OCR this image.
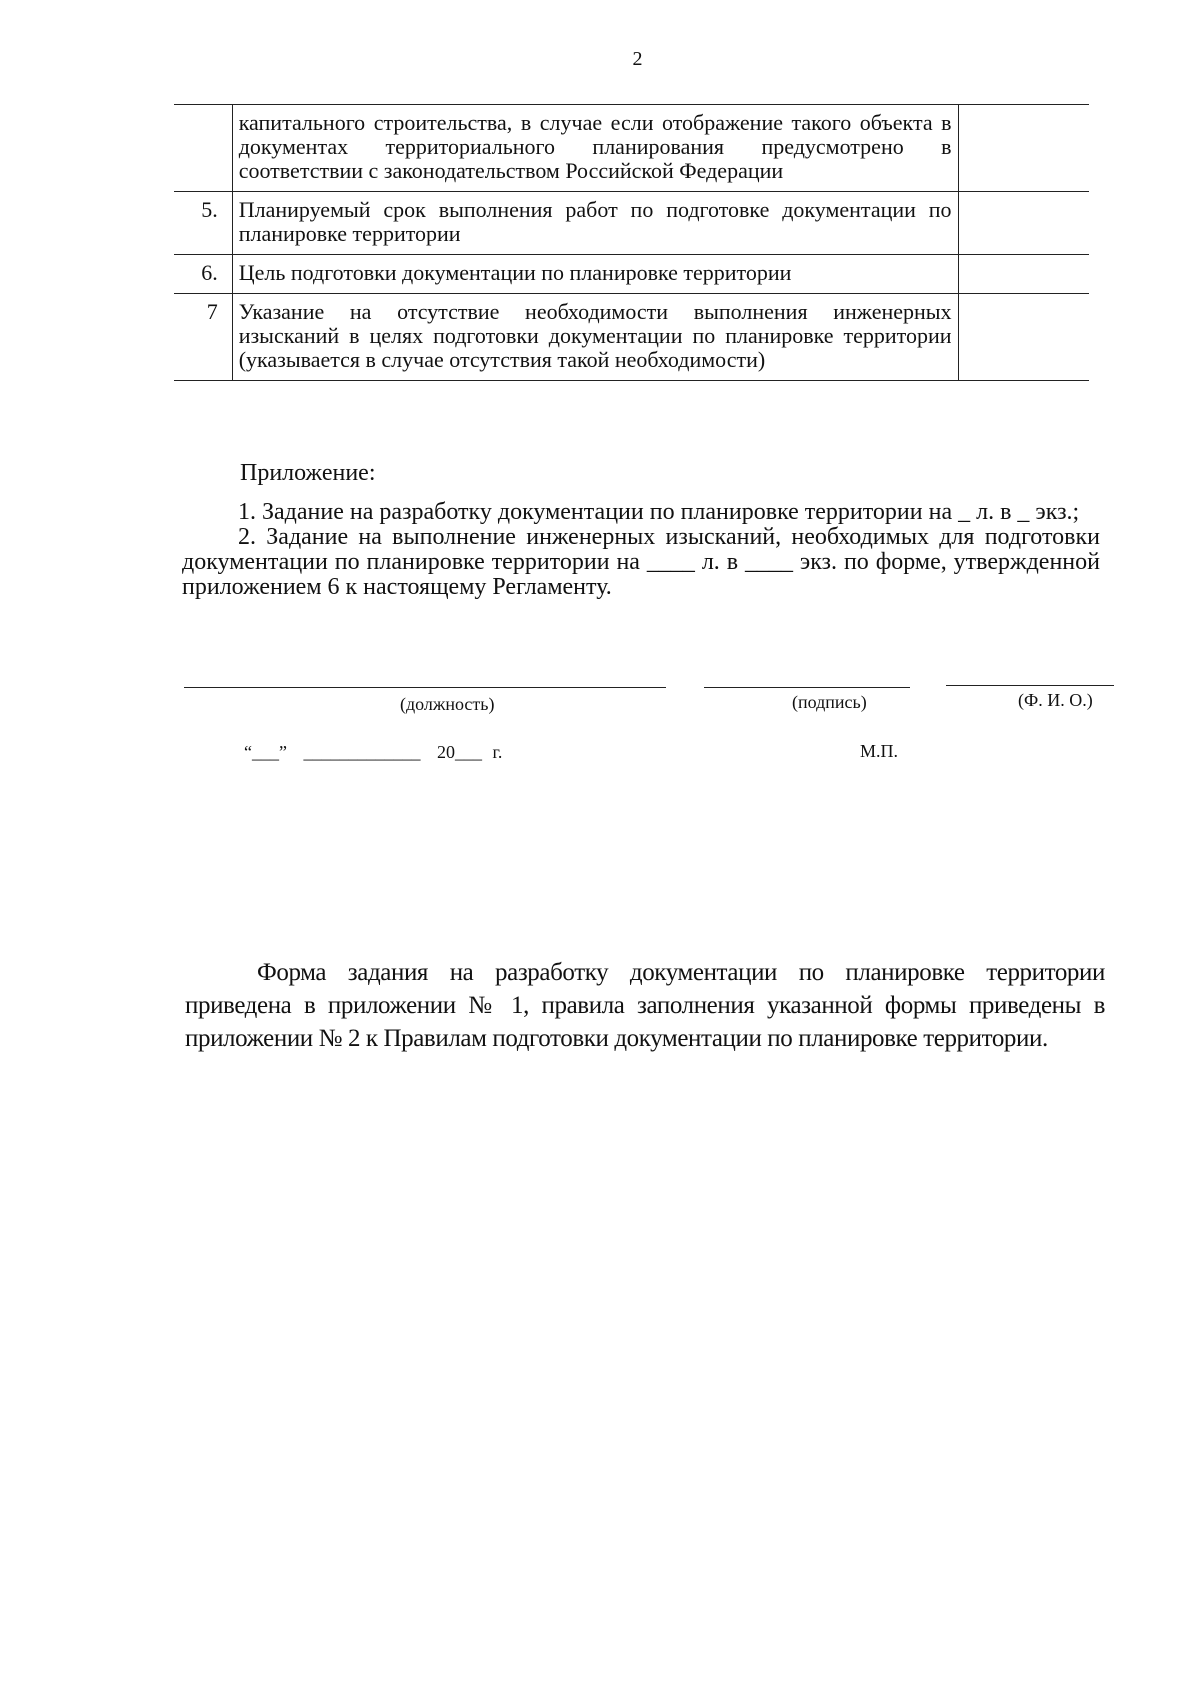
2
	капитального строительства, в случае если отображение такого объекта в документах территориального планирования предусмотрено в соответствии с законодательством Российской Федерации	
5.	Планируемый срок выполнения работ по подготовке документации по планировке территории	
6.	Цель подготовки документации по планировке территории	
7	Указание на отсутствие необходимости выполнения инженерных изысканий в целях подготовки документации по планировке территории (указывается в случае отсутствия такой необходимости)	
Приложение:

1. Задание на разработку документации по планировке территории на _ л. в _ экз.;

2. Задание на выполнение инженерных изысканий, необходимых для подготовки документации по планировке территории на ____ л. в ____ экз. по форме, утвержденной приложением 6 к настоящему Регламенту.

(должность)	(подпись)	(Ф. И. О.)
“___” _____________ 20___ г.	М.П.

Форма задания на разработку документации по планировке территории приведена в приложении № 1, правила заполнения указанной формы приведены в приложении № 2 к Правилам подготовки документации по планировке территории.
